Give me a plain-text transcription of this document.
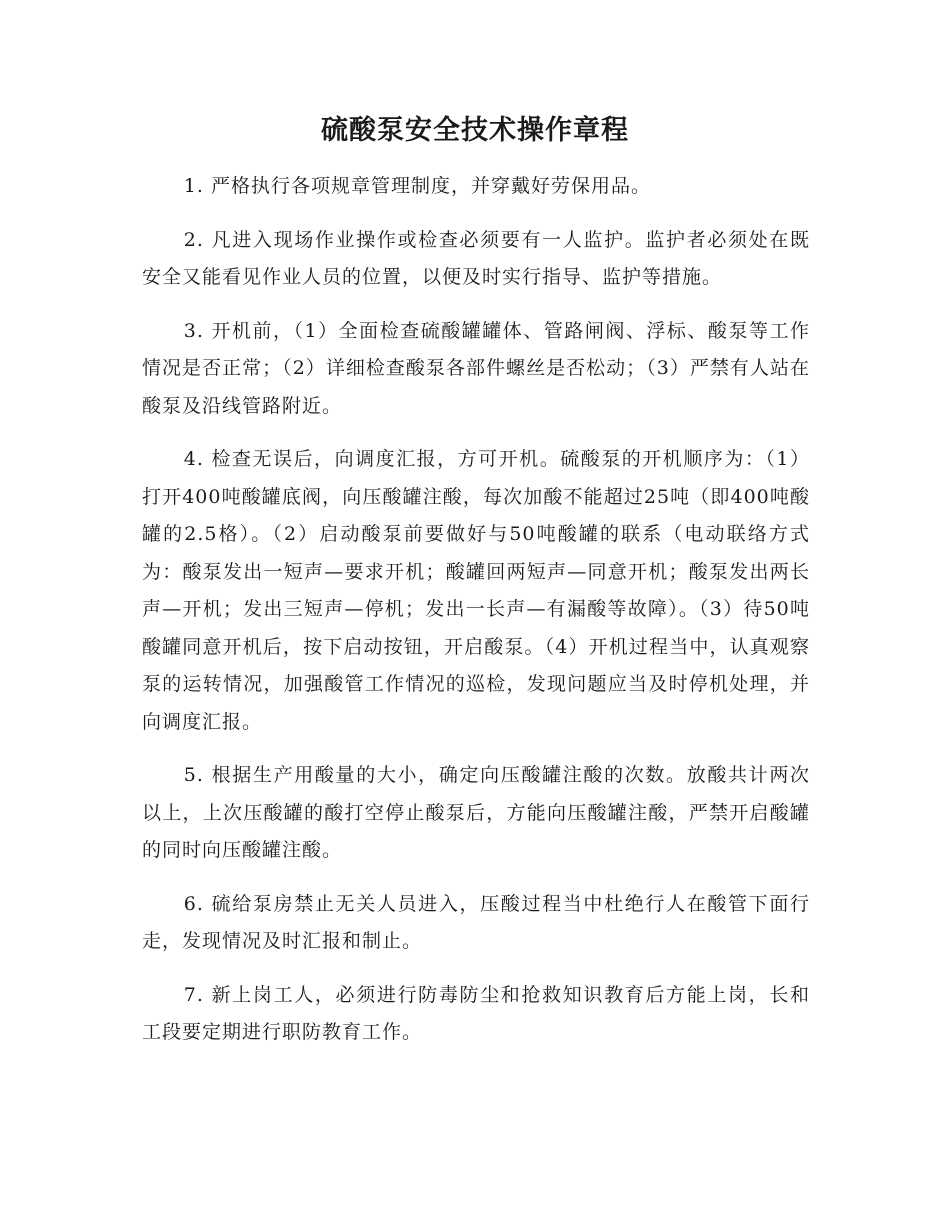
硫酸泵安全技术操作章程

1. 严格执行各项规章管理制度，并穿戴好劳保用品。

2. 凡进入现场作业操作或检查必须要有一人监护。监护者必须处在既安全又能看见作业人员的位置，以便及时实行指导、监护等措施。

3. 开机前，（1）全面检查硫酸罐罐体、管路闸阀、浮标、酸泵等工作情况是否正常；（2）详细检查酸泵各部件螺丝是否松动；（3）严禁有人站在酸泵及沿线管路附近。

4. 检查无误后，向调度汇报，方可开机。硫酸泵的开机顺序为：（1）打开400吨酸罐底阀，向压酸罐注酸，每次加酸不能超过25吨（即400吨酸罐的2.5格）。（2）启动酸泵前要做好与50吨酸罐的联系（电动联络方式为：酸泵发出一短声—要求开机；酸罐回两短声—同意开机；酸泵发出两长声—开机；发出三短声—停机；发出一长声—有漏酸等故障）。（3）待50吨酸罐同意开机后，按下启动按钮，开启酸泵。（4）开机过程当中，认真观察泵的运转情况，加强酸管工作情况的巡检，发现问题应当及时停机处理，并向调度汇报。

5. 根据生产用酸量的大小，确定向压酸罐注酸的次数。放酸共计两次以上，上次压酸罐的酸打空停止酸泵后，方能向压酸罐注酸，严禁开启酸罐的同时向压酸罐注酸。

6. 硫给泵房禁止无关人员进入，压酸过程当中杜绝行人在酸管下面行走，发现情况及时汇报和制止。

7. 新上岗工人，必须进行防毒防尘和抢救知识教育后方能上岗，长和工段要定期进行职防教育工作。
